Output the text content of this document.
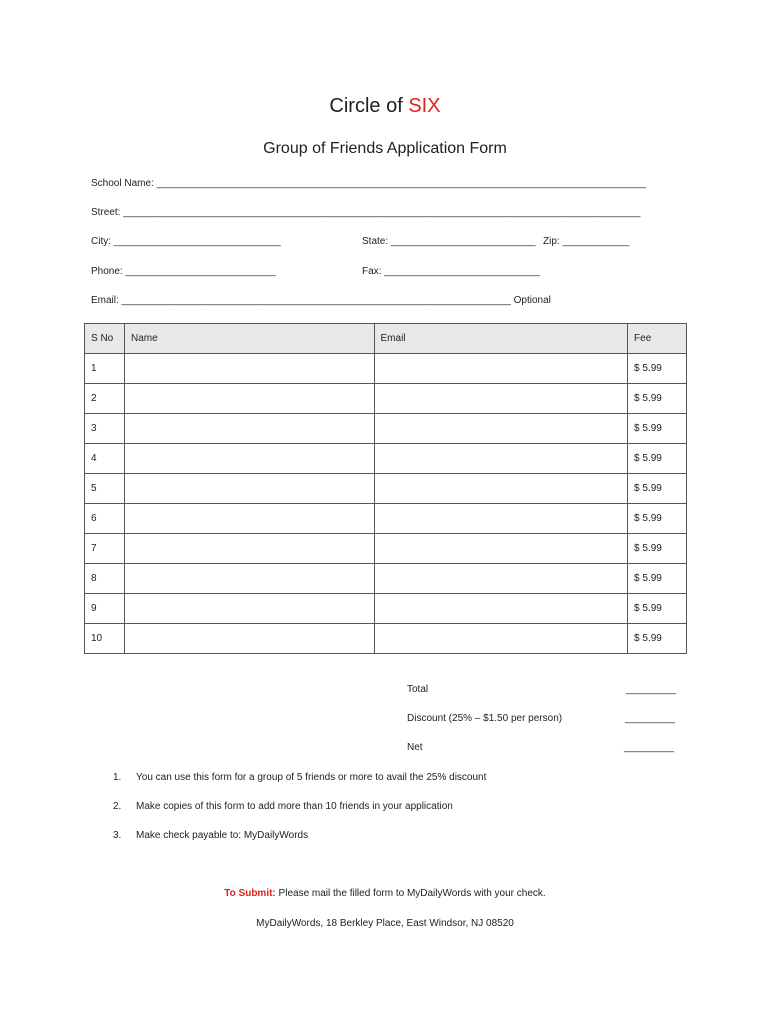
Circle of SIX
Group of Friends Application Form
School Name: ________________________________________________________________________________________
Street: _____________________________________________________________________________________________
City: ______________________________	State: __________________________ Zip: ____________
Phone: ___________________________	Fax: ____________________________
Email: ______________________________________________________________________ Optional
S No	Name	Email	Fee
1			$ 5.99
2			$ 5.99
3			$ 5.99
4			$ 5.99
5			$ 5.99
6			$ 5.99
7			$ 5.99
8			$ 5.99
9			$ 5.99
10			$ 5.99
Total	_________
Discount (25% – $1.50 per person)	_________
Net	_________
1. You can use this form for a group of 5 friends or more to avail the 25% discount
2. Make copies of this form to add more than 10 friends in your application
3. Make check payable to: MyDailyWords
To Submit: Please mail the filled form to MyDailyWords with your check.
MyDailyWords, 18 Berkley Place, East Windsor, NJ 08520
